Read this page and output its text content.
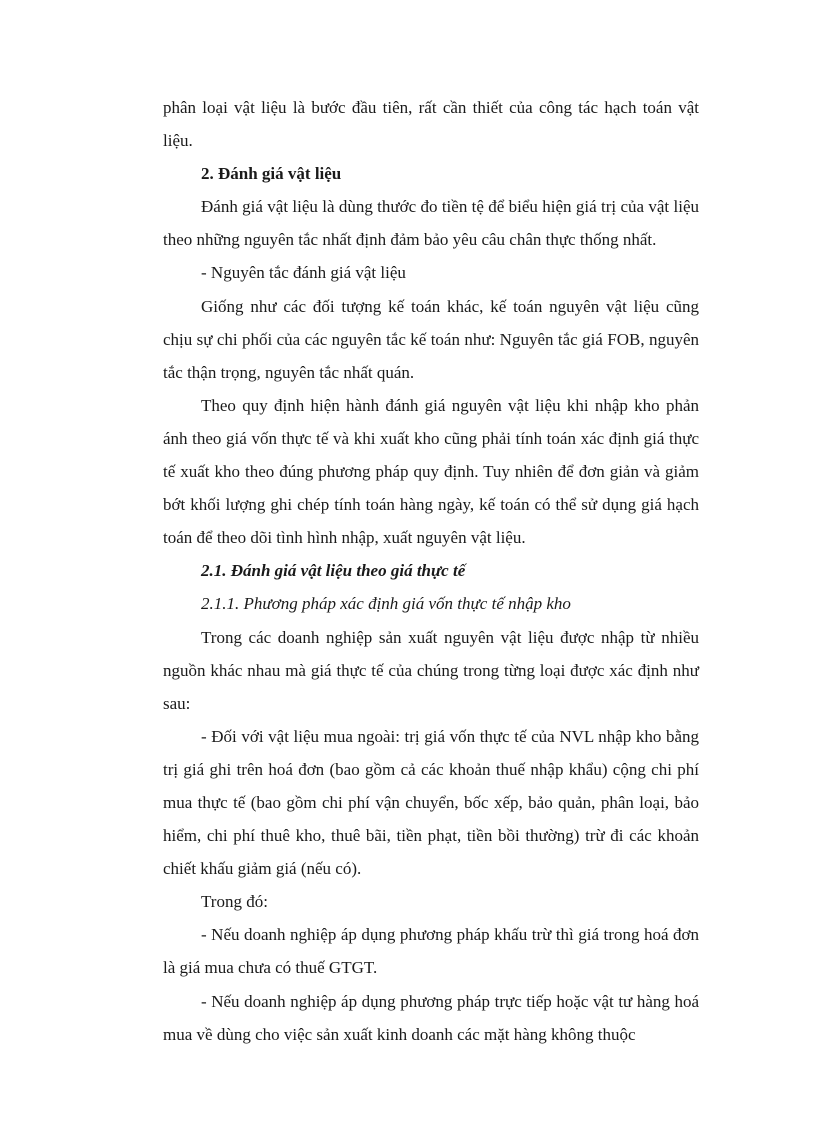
phân loại vật liệu là bước đầu tiên, rất cần thiết của công tác hạch toán vật liệu.

2. Đánh giá vật liệu

Đánh giá vật liệu là dùng thước đo tiền tệ để biểu hiện giá trị của vật liệu theo những nguyên tắc nhất định đảm bảo yêu câu chân thực thống nhất.

- Nguyên tắc đánh giá vật liệu

Giống như các đối tượng kế toán khác, kế toán nguyên vật liệu cũng chịu sự chi phối của các nguyên tắc kế toán như: Nguyên tắc giá FOB, nguyên tắc thận trọng, nguyên tắc nhất quán.

Theo quy định hiện hành đánh giá nguyên vật liệu khi nhập kho phản ánh theo giá vốn thực tế và khi xuất kho cũng phải tính toán xác định giá thực tế xuất kho theo đúng phương pháp quy định. Tuy nhiên để đơn giản và giảm bớt khối lượng ghi chép tính toán hàng ngày, kế toán có thể sử dụng giá hạch toán để theo dõi tình hình nhập, xuất nguyên vật liệu.

2.1. Đánh giá vật liệu theo giá thực tế

2.1.1. Phương pháp xác định giá vốn thực tế nhập kho

Trong các doanh nghiệp sản xuất nguyên vật liệu được nhập từ nhiều nguồn khác nhau mà giá thực tế của chúng trong từng loại được xác định như sau:

- Đối với vật liệu mua ngoài: trị giá vốn thực tế của NVL nhập kho bằng trị giá ghi trên hoá đơn (bao gồm cả các khoản thuế nhập khẩu) cộng chi phí mua thực tế (bao gồm chi phí vận chuyển, bốc xếp, bảo quản, phân loại, bảo hiểm, chi phí thuê kho, thuê bãi, tiền phạt, tiền bồi thường) trừ đi các khoản chiết khấu giảm giá (nếu có).

Trong đó:

- Nếu doanh nghiệp áp dụng phương pháp khấu trừ thì giá trong hoá đơn là giá mua chưa có thuế GTGT.

- Nếu doanh nghiệp áp dụng phương pháp trực tiếp hoặc vật tư hàng hoá mua về dùng cho việc sản xuất kinh doanh các mặt hàng không thuộc
